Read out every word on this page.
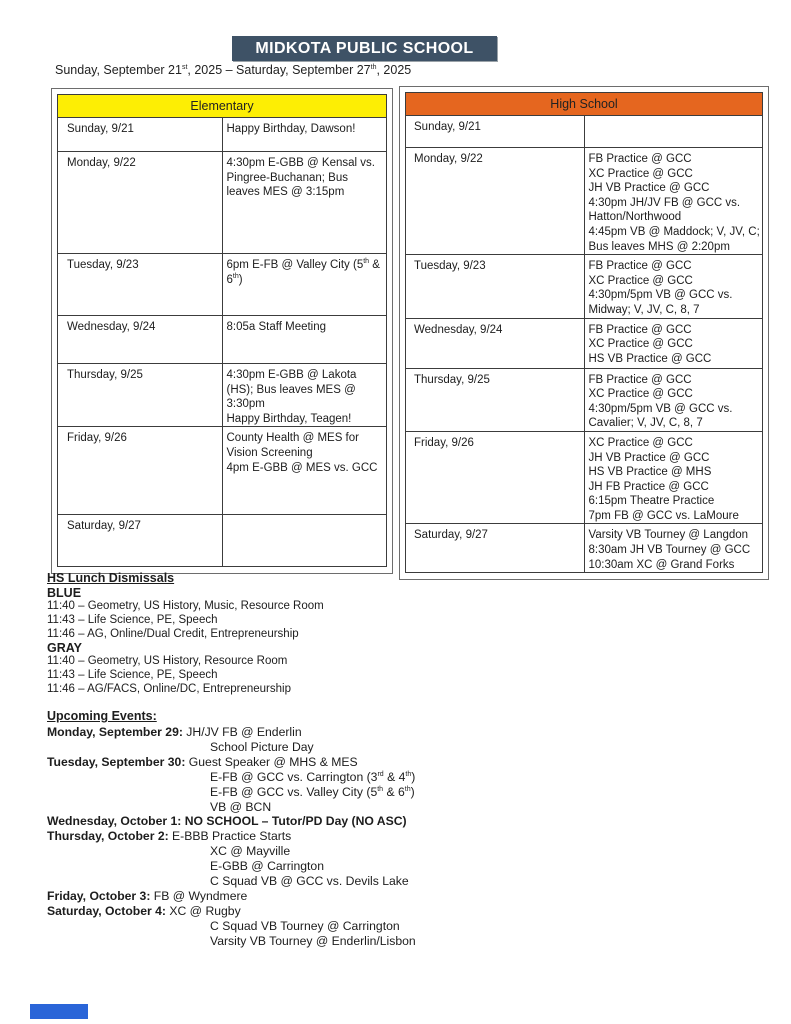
MIDKOTA PUBLIC SCHOOL
Sunday, September 21st, 2025 – Saturday, September 27th, 2025
Elementary	
Sunday, 9/21	Happy Birthday, Dawson!

Monday, 9/22	4:30pm E-GBB @ Kensal vs. Pingree-Buchanan; Bus leaves MES @ 3:15pm

Tuesday, 9/23	6pm E-FB @ Valley City (5th & 6th)

Wednesday, 9/24	8:05a Staff Meeting

Thursday, 9/25	4:30pm E-GBB @ Lakota (HS); Bus leaves MES @ 3:30pm
Happy Birthday, Teagen!

Friday, 9/26	County Health @ MES for Vision Screening
4pm E-GBB @ MES vs. GCC

Saturday, 9/27	
High School	
Sunday, 9/21	
Monday, 9/22	FB Practice @ GCC
XC Practice @ GCC
JH VB Practice @ GCC
4:30pm JH/JV FB @ GCC vs. Hatton/Northwood
4:45pm VB @ Maddock; V, JV, C; Bus leaves MHS @ 2:20pm

Tuesday, 9/23	FB Practice @ GCC
XC Practice @ GCC
4:30pm/5pm VB @ GCC vs. Midway; V, JV, C, 8, 7

Wednesday, 9/24	FB Practice @ GCC
XC Practice @ GCC
HS VB Practice @ GCC

Thursday, 9/25	FB Practice @ GCC
XC Practice @ GCC
4:30pm/5pm VB @ GCC vs. Cavalier; V, JV, C, 8, 7

Friday, 9/26	XC Practice @ GCC
JH VB Practice @ GCC
HS VB Practice @ MHS
JH FB Practice @ GCC
6:15pm Theatre Practice
7pm FB @ GCC vs. LaMoure

Saturday, 9/27	Varsity VB Tourney @ Langdon
8:30am JH VB Tourney @ GCC
10:30am XC @ Grand Forks
HS Lunch Dismissals
BLUE
11:40 – Geometry, US History, Music, Resource Room
11:43 – Life Science, PE, Speech
11:46 – AG, Online/Dual Credit, Entrepreneurship
GRAY
11:40 – Geometry, US History, Resource Room
11:43 – Life Science, PE, Speech
11:46 – AG/FACS, Online/DC, Entrepreneurship
Upcoming Events:
Monday, September 29: JH/JV FB @ Enderlin
School Picture Day
Tuesday, September 30: Guest Speaker @ MHS & MES
E-FB @ GCC vs. Carrington (3rd & 4th)
E-FB @ GCC vs. Valley City (5th & 6th)
VB @ BCN
Wednesday, October 1: NO SCHOOL – Tutor/PD Day (NO ASC)
Thursday, October 2: E-BBB Practice Starts
XC @ Mayville
E-GBB @ Carrington
C Squad VB @ GCC vs. Devils Lake
Friday, October 3: FB @ Wyndmere
Saturday, October 4: XC @ Rugby
C Squad VB Tourney @ Carrington
Varsity VB Tourney @ Enderlin/Lisbon
